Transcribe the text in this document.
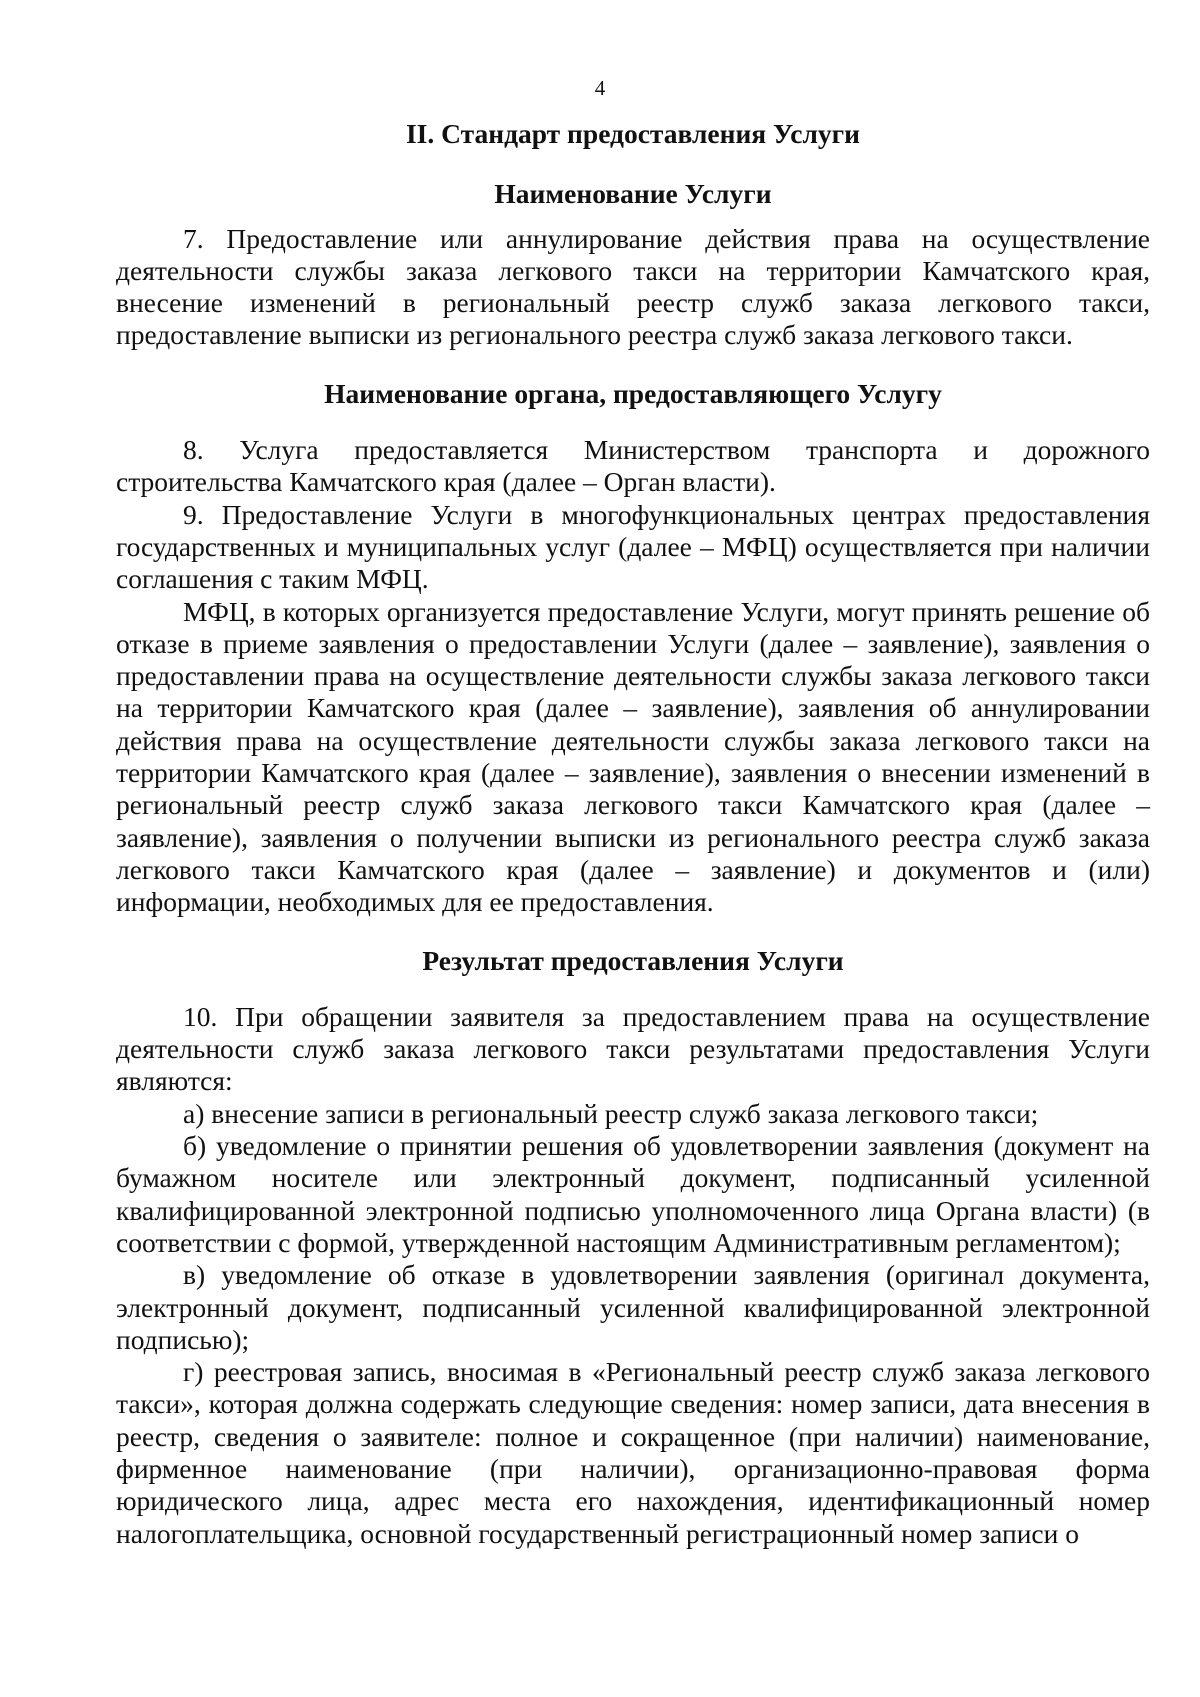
4
II. Стандарт предоставления Услуги
Наименование Услуги

7. Предоставление или аннулирование действия права на осуществление деятельности службы заказа легкового такси на территории Камчатского края, внесение изменений в региональный реестр служб заказа легкового такси, предоставление выписки из регионального реестра служб заказа легкового такси.

Наименование органа, предоставляющего Услугу

8. Услуга предоставляется Министерством транспорта и дорожного строительства Камчатского края (далее – Орган власти).

9. Предоставление Услуги в многофункциональных центрах предоставления государственных и муниципальных услуг (далее – МФЦ) осуществляется при наличии соглашения с таким МФЦ.

МФЦ, в которых организуется предоставление Услуги, могут принять решение об отказе в приеме заявления о предоставлении Услуги (далее – заявление), заявления о предоставлении права на осуществление деятельности службы заказа легкового такси на территории Камчатского края (далее – заявление), заявления об аннулировании действия права на осуществление деятельности службы заказа легкового такси на территории Камчатского края (далее – заявление), заявления о внесении изменений в региональный реестр служб заказа легкового такси Камчатского края (далее – заявление), заявления о получении выписки из регионального реестра служб заказа легкового такси Камчатского края (далее – заявление) и документов и (или) информации, необходимых для ее предоставления.

Результат предоставления Услуги

10. При обращении заявителя за предоставлением права на осуществление деятельности служб заказа легкового такси результатами предоставления Услуги являются:

а) внесение записи в региональный реестр служб заказа легкового такси;

б) уведомление о принятии решения об удовлетворении заявления (документ на бумажном носителе или электронный документ, подписанный усиленной квалифицированной электронной подписью уполномоченного лица Органа власти) (в соответствии с формой, утвержденной настоящим Административным регламентом);

в) уведомление об отказе в удовлетворении заявления (оригинал документа, электронный документ, подписанный усиленной квалифицированной электронной подписью);

г) реестровая запись, вносимая в «Региональный реестр служб заказа легкового такси», которая должна содержать следующие сведения: номер записи, дата внесения в реестр, сведения о заявителе: полное и сокращенное (при наличии) наименование, фирменное наименование (при наличии), организационно-правовая форма юридического лица, адрес места его нахождения, идентификационный номер налогоплательщика, основной государственный регистрационный номер записи о
